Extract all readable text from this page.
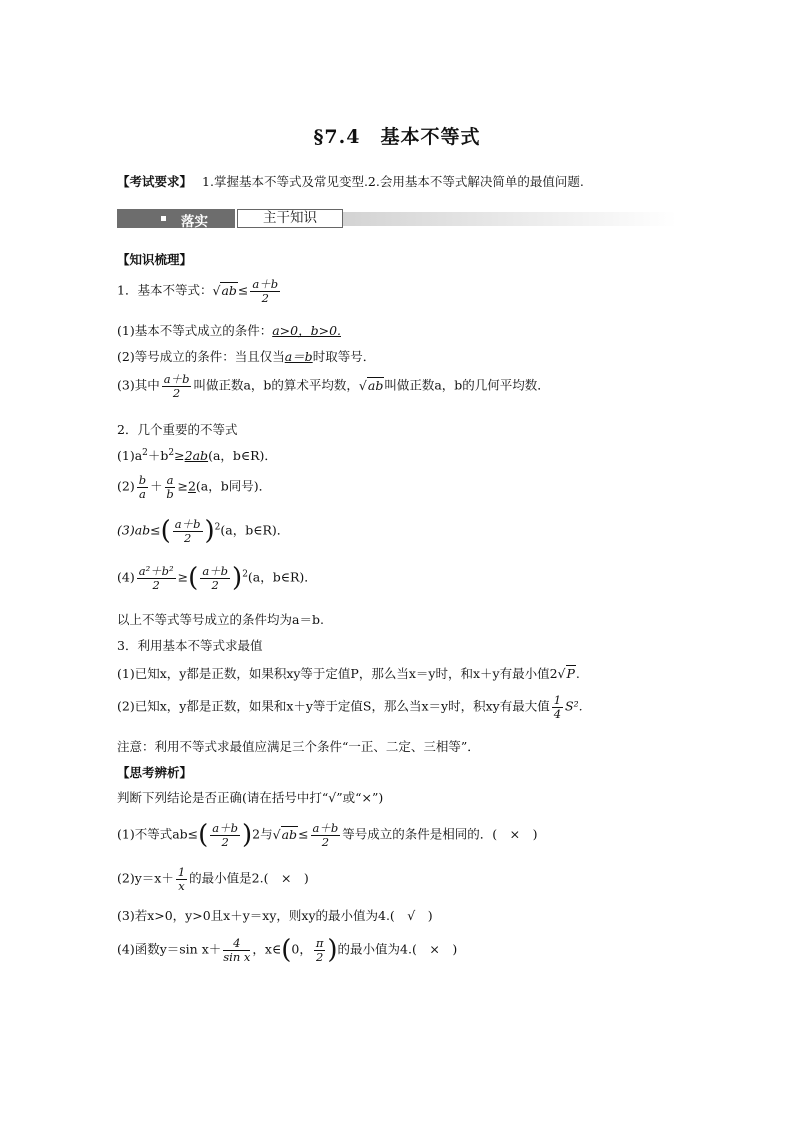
§7.4　基本不等式
【考试要求】 1.掌握基本不等式及常见变型.2.会用基本不等式解决简单的最值问题.
落实	主干知识
【知识梳理】
1．基本不等式：$√ab\le \frac{a+b}{2}$
(1)基本不等式成立的条件：a>0，b>0.
(2)等号成立的条件：当且仅当a＝b时取等号．
(3)其中 $\frac{a+b}{2}$ 叫做正数a，b的算术平均数，√ab叫做正数a，b的几何平均数．
2．几个重要的不等式
$(1)a^2+b^2\ge 2ab(a$，b∈R)．
$(2) \frac{b}{a} + \frac{a}{b} \ge 2(a$，b同号)．
$(3)ab\le( \frac{a+b}{2} )^2(a$，b∈R)．
$(4) \frac{\text{a²＋b²}}{2}$ ≥( $\frac{a+b}{2} )^2(a$，b∈R)．
以上不等式等号成立的条件均为a＝b.
3．利用基本不等式求最值
(1)已知x，y都是正数，如果积xy等于定值P，那么当x＝y时，和x＋y有最小值2√P.
(2)已知x，y都是正数，如果和x＋y等于定值S，那么当x＝y时，积xy有最大值 $\frac{1}{4} S^2$.
注意：利用不等式求最值应满足三个条件“一正、二定、三相等”．
【思考辨析】
判断下列结论是否正确(请在括号中打“√”或“×”)
(1)不等式$ab\le( \frac{a+b}{2} )2$与$√ab\le \frac{a+b}{2}$ 等号成立的条件是相同的．(　×　)
$(2)y=x+ \frac{1}{x}$ 的最小值是2.(　×　)
(3)若x>0，y>0且x＋y＝xy，则xy的最小值为4.(　√　)
(4)函数y＝sin $x+ \frac{4}{\text{sin x}}$ ，x∈(0， $\frac{\pi}{2}$ )的最小值为4.(　×　)
